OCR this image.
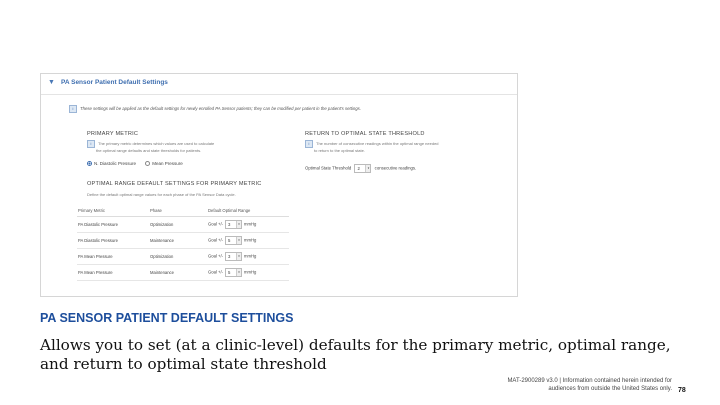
▼ PA Sensor Patient Default Settings
i These settings will be applied as the default settings for newly enrolled PA Sensor patients; they can be modified per patient in the patient's settings.
PRIMARY METRIC
i The primary metric determines which values are used to calculate
the optimal range defaults and state thresholds for patients.
N. Diastolic Pressure	Mean Pressure
RETURN TO OPTIMAL STATE THRESHOLD
i The number of consecutive readings within the optimal range needed
to return to the optimal state.
Optimal State Threshold 2	▾ consecutive readings.
OPTIMAL RANGE DEFAULT SETTINGS FOR PRIMARY METRIC
Define the default optimal range values for each phase of the PA Sensor Data cycle.
Primary Metric	Phase	Default Optimal Range
PA Diastolic Pressure	Optimization	Goal +/- 3 ▾ mmHg
PA Diastolic Pressure	Maintenance	Goal +/- 5 ▾ mmHg
PA Mean Pressure	Optimization	Goal +/- 3 ▾ mmHg
PA Mean Pressure	Maintenance	Goal +/- 5 ▾ mmHg
PA SENSOR PATIENT DEFAULT SETTINGS
Allows you to set (at a clinic-level) defaults for the primary metric, optimal range, and return to optimal state threshold
MAT-2900289 v3.0 | Information contained herein intended for
audiences from outside the United States only. 78
